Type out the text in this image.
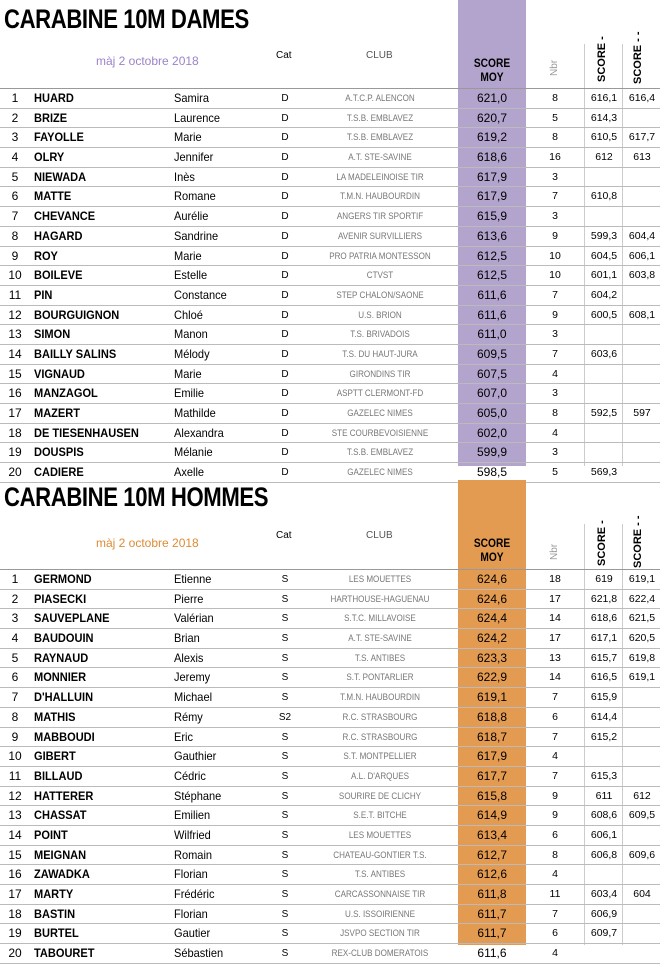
CARABINE 10M DAMES
màj 2 octobre 2018	Cat	CLUB
SCORE MOY
Nbr	SCORE - SCORE - -
1	HUARD	Samira	D	A.T.C.P. ALENCON	621,0	8	616,1	616,4
2	BRIZE	Laurence	D	T.S.B. EMBLAVEZ	620,7	5	614,3
3	FAYOLLE	Marie	D	T.S.B. EMBLAVEZ	619,2	8	610,5	617,7
4	OLRY	Jennifer	D	A.T. STE-SAVINE	618,6	16	612	613
5	NIEWADA	Inès	D	LA MADELEINOISE TIR	617,9	3
6	MATTE	Romane	D	T.M.N. HAUBOURDIN	617,9	7	610,8
7	CHEVANCE	Aurélie	D	ANGERS TIR SPORTIF	615,9	3
8	HAGARD	Sandrine	D	AVENIR SURVILLIERS	613,6	9	599,3	604,4
9	ROY	Marie	D	PRO PATRIA MONTESSON	612,5	10	604,5	606,1
10	BOILEVE	Estelle	D	CTVST	612,5	10	601,1	603,8
11	PIN	Constance	D	STEP CHALON/SAONE	611,6	7	604,2
12	BOURGUIGNON	Chloé	D	U.S. BRION	611,6	9	600,5	608,1
13	SIMON	Manon	D	T.S. BRIVADOIS	611,0	3
14	BAILLY SALINS	Mélody	D	T.S. DU HAUT-JURA	609,5	7	603,6
15	VIGNAUD	Marie	D	GIRONDINS TIR	607,5	4
16	MANZAGOL	Emilie	D	ASPTT CLERMONT-FD	607,0	3
17	MAZERT	Mathilde	D	GAZELEC NIMES	605,0	8	592,5	597
18	DE TIESENHAUSEN	Alexandra	D	STE COURBEVOISIENNE	602,0	4
19	DOUSPIS	Mélanie	D	T.S.B. EMBLAVEZ	599,9	3
20	CADIERE	Axelle	D	GAZELEC NIMES	598,5	5	569,3
CARABINE 10M HOMMES
màj 2 octobre 2018
Cat	CLUB
SCORE MOY	Nbr	SCORE - SCORE - -
1	GERMOND	Etienne	S	LES MOUETTES	624,6	18	619	619,1
2	PIASECKI	Pierre	S	HARTHOUSE-HAGUENAU	624,6	17	621,8	622,4
3	SAUVEPLANE	Valérian	S	S.T.C. MILLAVOISE	624,4	14	618,6	621,5
4	BAUDOUIN	Brian	S	A.T. STE-SAVINE	624,2	17	617,1	620,5
5	RAYNAUD	Alexis	S	T.S. ANTIBES	623,3	13	615,7	619,8
6	MONNIER	Jeremy	S	S.T. PONTARLIER	622,9	14	616,5	619,1
7	D'HALLUIN	Michael	S	T.M.N. HAUBOURDIN	619,1	7	615,9
8	MATHIS	Rémy	S2	R.C. STRASBOURG	618,8	6	614,4
9	MABBOUDI	Eric	S	R.C. STRASBOURG	618,7	7	615,2
10	GIBERT	Gauthier	S	S.T. MONTPELLIER	617,9	4
11	BILLAUD	Cédric	S	A.L. D'ARQUES	617,7	7	615,3
12	HATTERER	Stéphane	S	SOURIRE DE CLICHY	615,8	9	611	612
13	CHASSAT	Emilien	S	S.E.T. BITCHE	614,9	9	608,6	609,5
14	POINT	Wilfried	S	LES MOUETTES	613,4	6	606,1
15	MEIGNAN	Romain	S	CHATEAU-GONTIER T.S.	612,7	8	606,8	609,6
16	ZAWADKA	Florian	S	T.S. ANTIBES	612,6	4
17	MARTY	Frédéric	S	CARCASSONNAISE TIR	611,8	11	603,4	604
18	BASTIN	Florian	S	U.S. ISSOIRIENNE	611,7	7	606,9
19	BURTEL	Gautier	S	JSVPO SECTION TIR	611,7	6	609,7
20	TABOURET	Sébastien	S	REX-CLUB DOMERATOIS	611,6	4
